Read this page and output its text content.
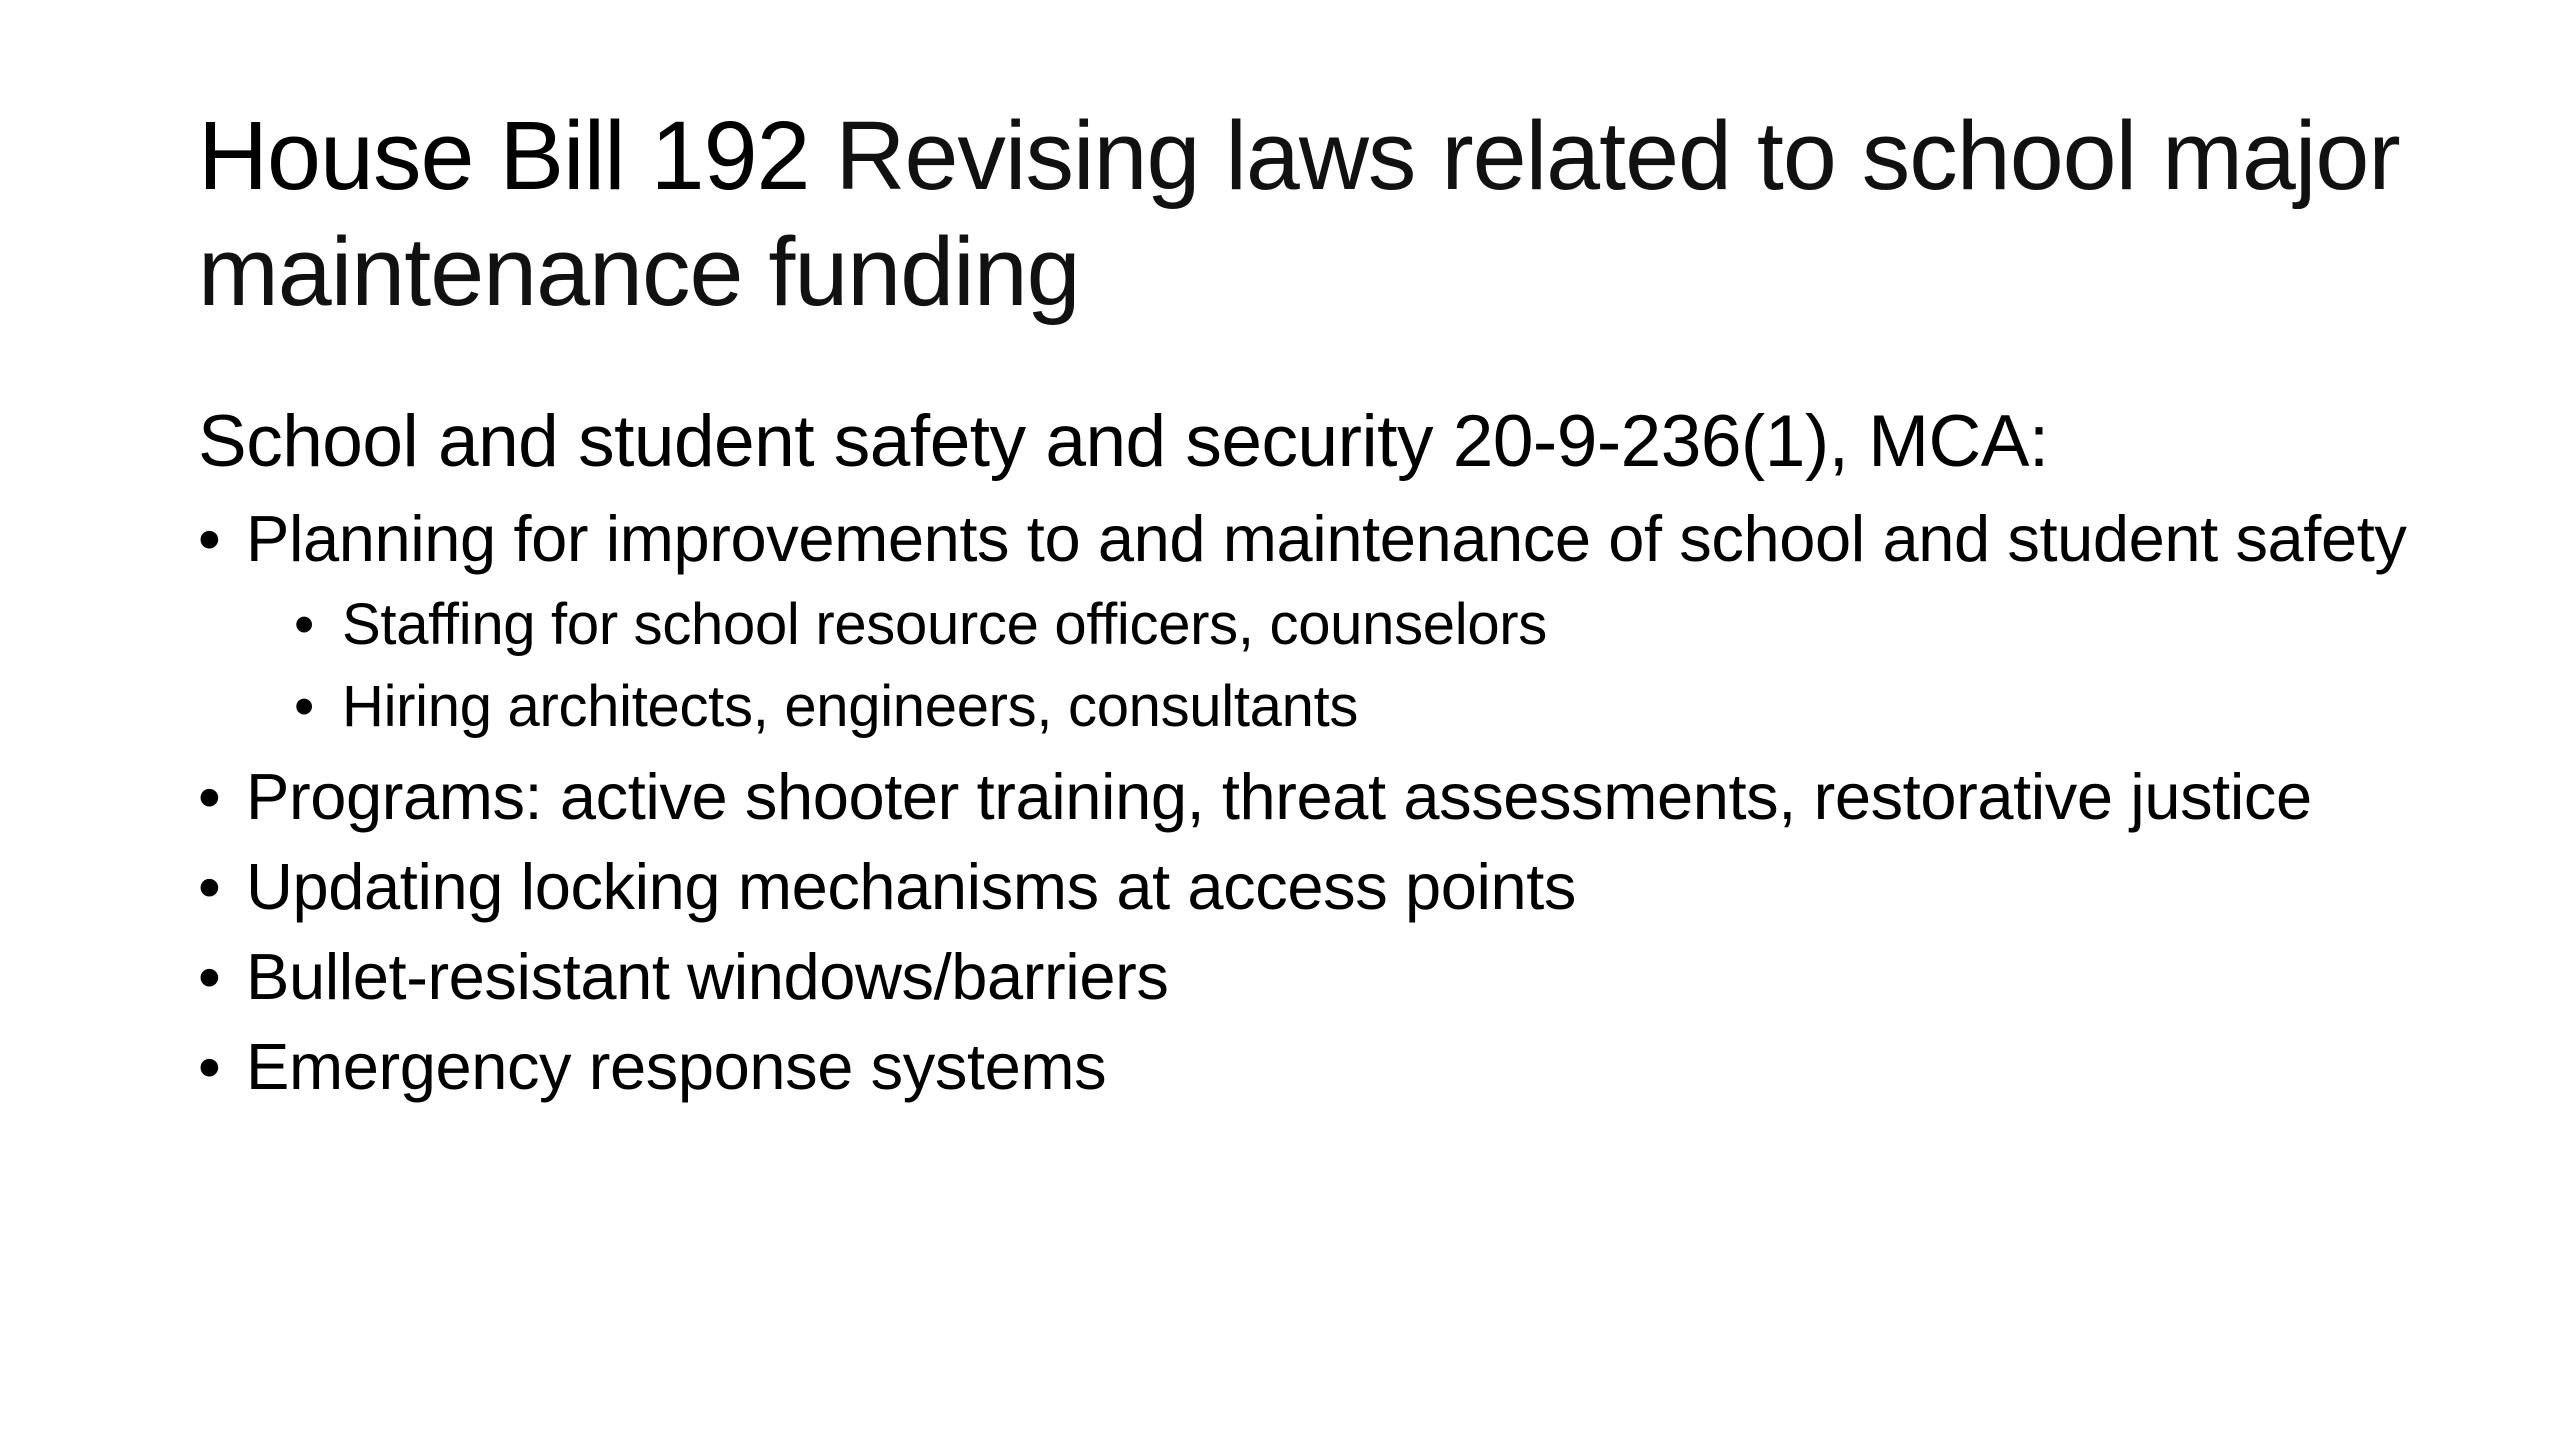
House Bill 192 Revising laws related to school major maintenance funding

School and student safety and security 20-9-236(1), MCA:

• Planning for improvements to and maintenance of school and student safety
• Staffing for school resource officers, counselors
• Hiring architects, engineers, consultants
• Programs: active shooter training, threat assessments, restorative justice
• Updating locking mechanisms at access points
• Bullet-resistant windows/barriers
• Emergency response systems
